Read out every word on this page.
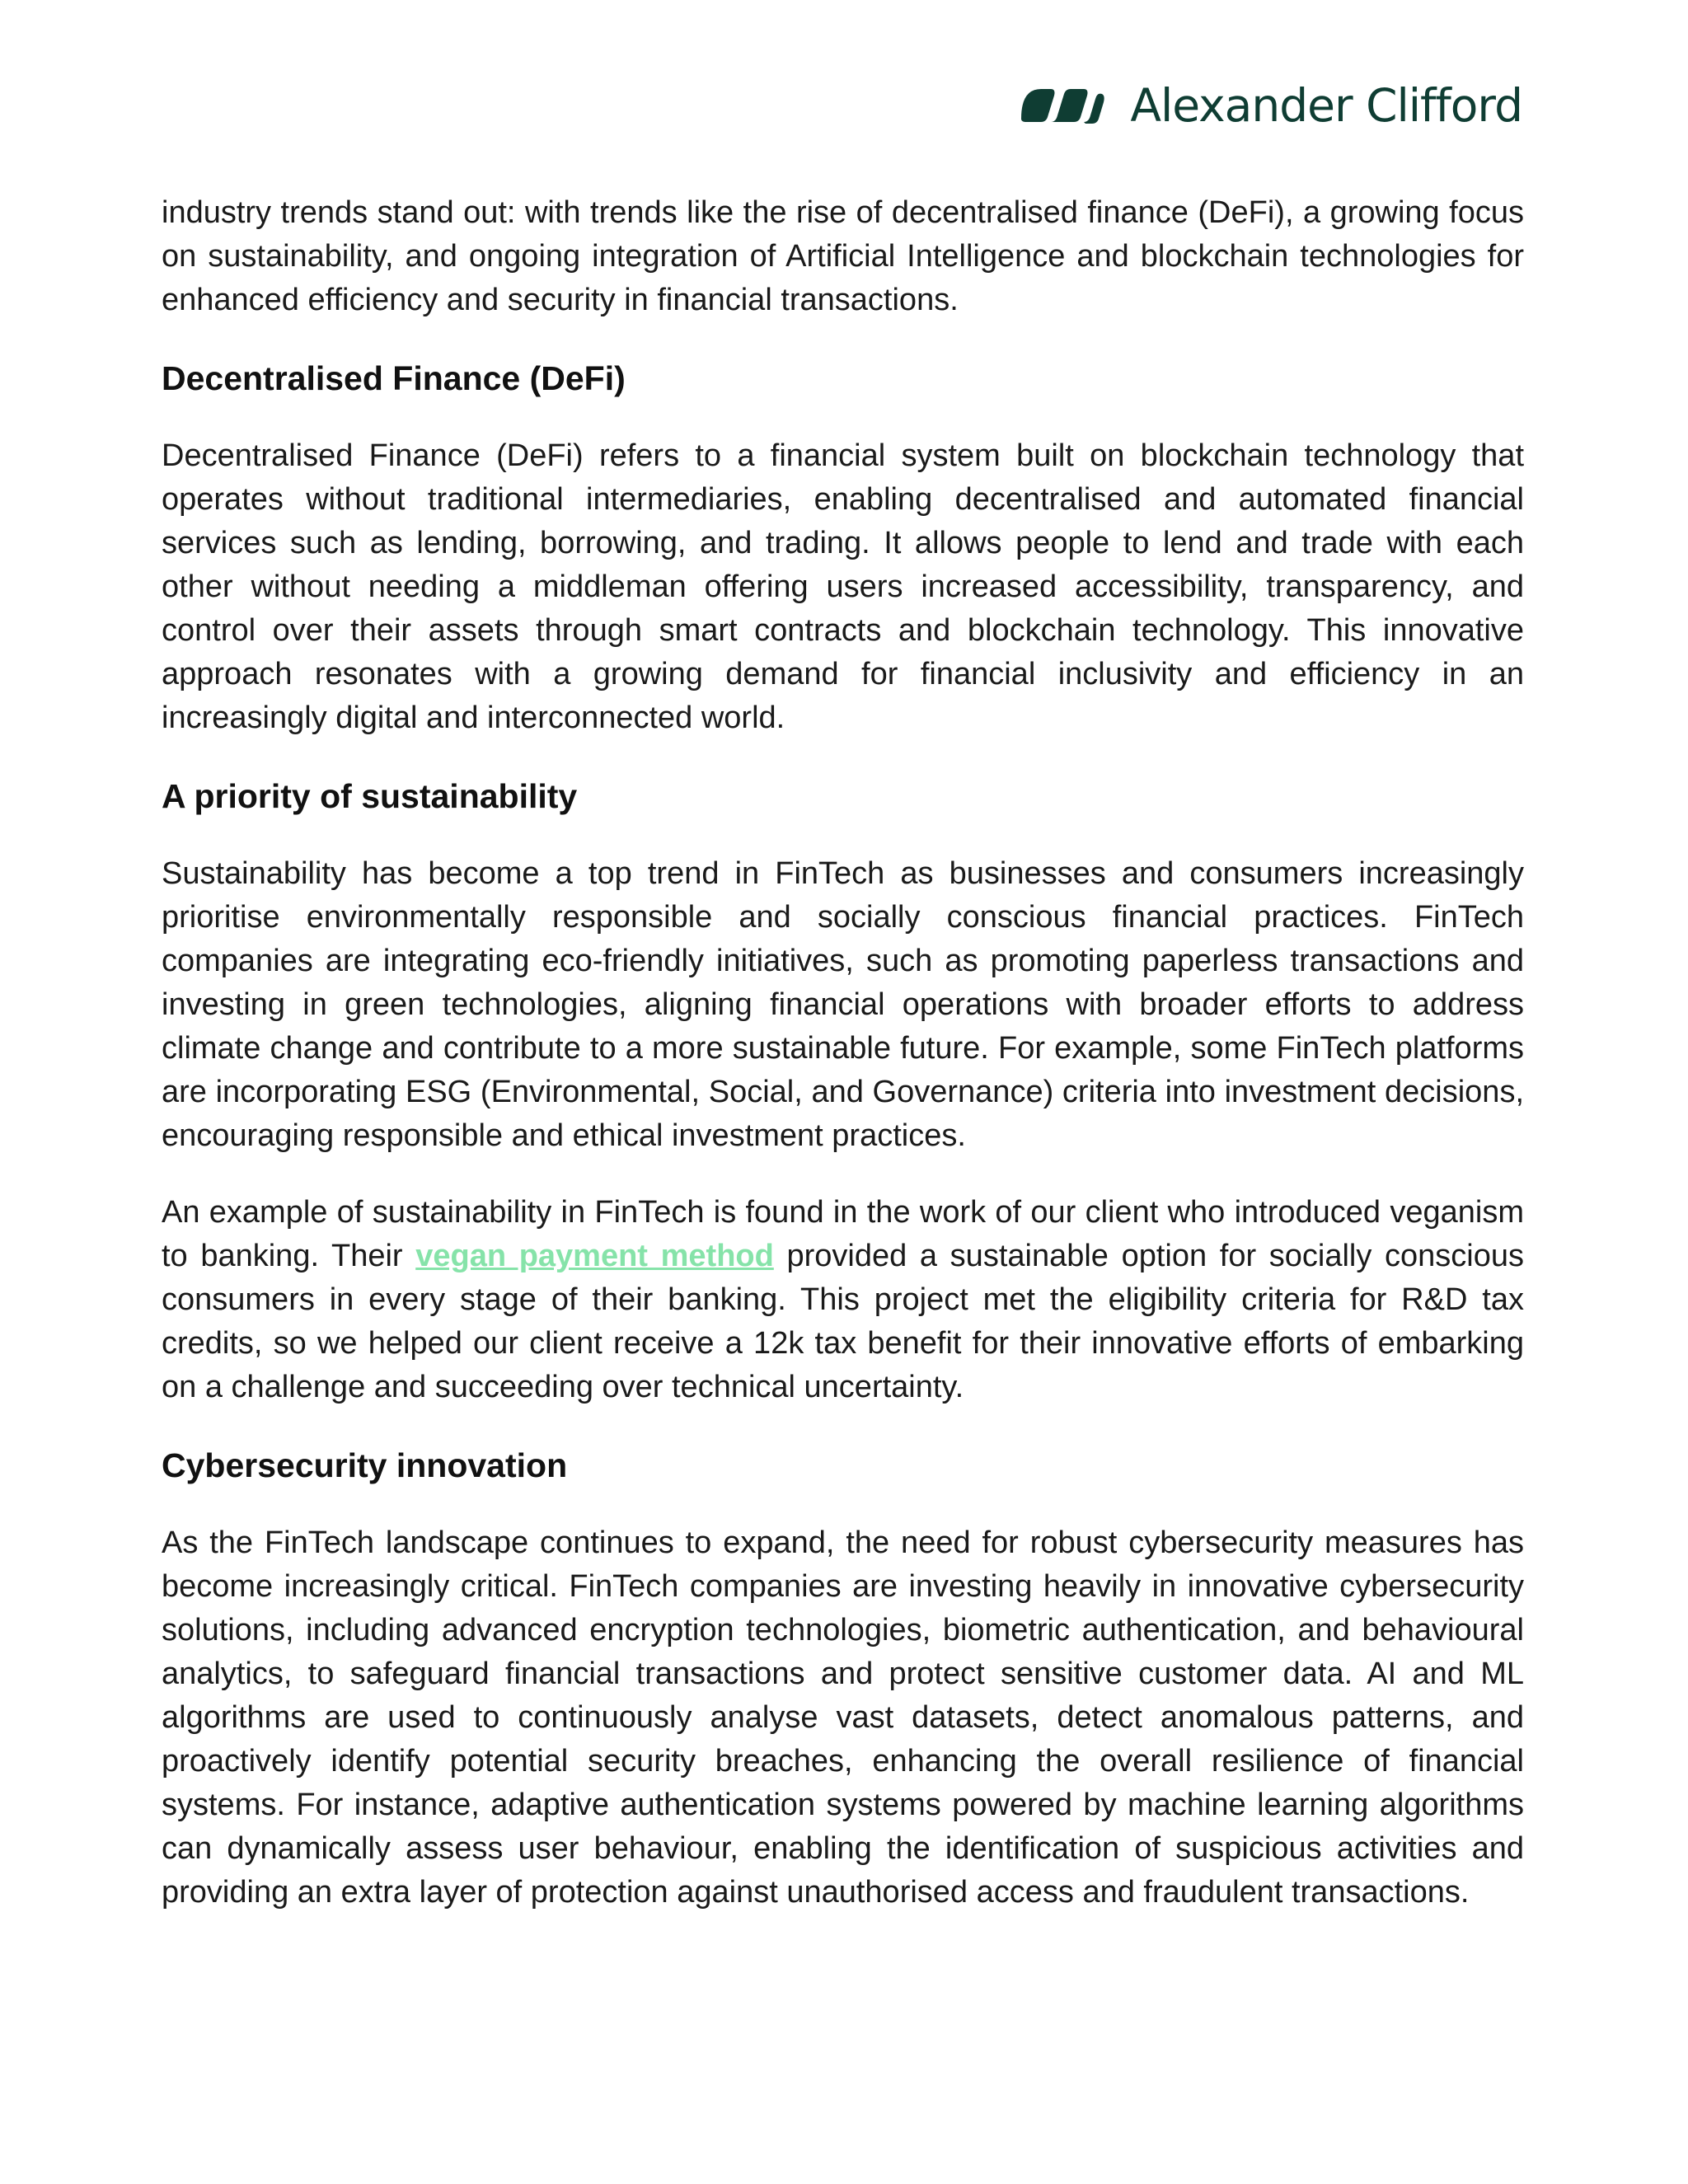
Alexander Clifford

industry trends stand out: with trends like the rise of decentralised finance (DeFi), a growing focus on sustainability, and ongoing integration of Artificial Intelligence and blockchain technologies for enhanced efficiency and security in financial transactions.

Decentralised Finance (DeFi)

Decentralised Finance (DeFi) refers to a financial system built on blockchain technology that operates without traditional intermediaries, enabling decentralised and automated financial services such as lending, borrowing, and trading. It allows people to lend and trade with each other without needing a middleman offering users increased accessibility, transparency, and control over their assets through smart contracts and blockchain technology. This innovative approach resonates with a growing demand for financial inclusivity and efficiency in an increasingly digital and interconnected world.

A priority of sustainability

Sustainability has become a top trend in FinTech as businesses and consumers increasingly prioritise environmentally responsible and socially conscious financial practices. FinTech companies are integrating eco-friendly initiatives, such as promoting paperless transactions and investing in green technologies, aligning financial operations with broader efforts to address climate change and contribute to a more sustainable future. For example, some FinTech platforms are incorporating ESG (Environmental, Social, and Governance) criteria into investment decisions, encouraging responsible and ethical investment practices.

An example of sustainability in FinTech is found in the work of our client who introduced veganism to banking. Their vegan payment method provided a sustainable option for socially conscious consumers in every stage of their banking. This project met the eligibility criteria for R&D tax credits, so we helped our client receive a 12k tax benefit for their innovative efforts of embarking on a challenge and succeeding over technical uncertainty.

Cybersecurity innovation

As the FinTech landscape continues to expand, the need for robust cybersecurity measures has become increasingly critical. FinTech companies are investing heavily in innovative cybersecurity solutions, including advanced encryption technologies, biometric authentication, and behavioural analytics, to safeguard financial transactions and protect sensitive customer data. AI and ML algorithms are used to continuously analyse vast datasets, detect anomalous patterns, and proactively identify potential security breaches, enhancing the overall resilience of financial systems. For instance, adaptive authentication systems powered by machine learning algorithms can dynamically assess user behaviour, enabling the identification of suspicious activities and providing an extra layer of protection against unauthorised access and fraudulent transactions.
